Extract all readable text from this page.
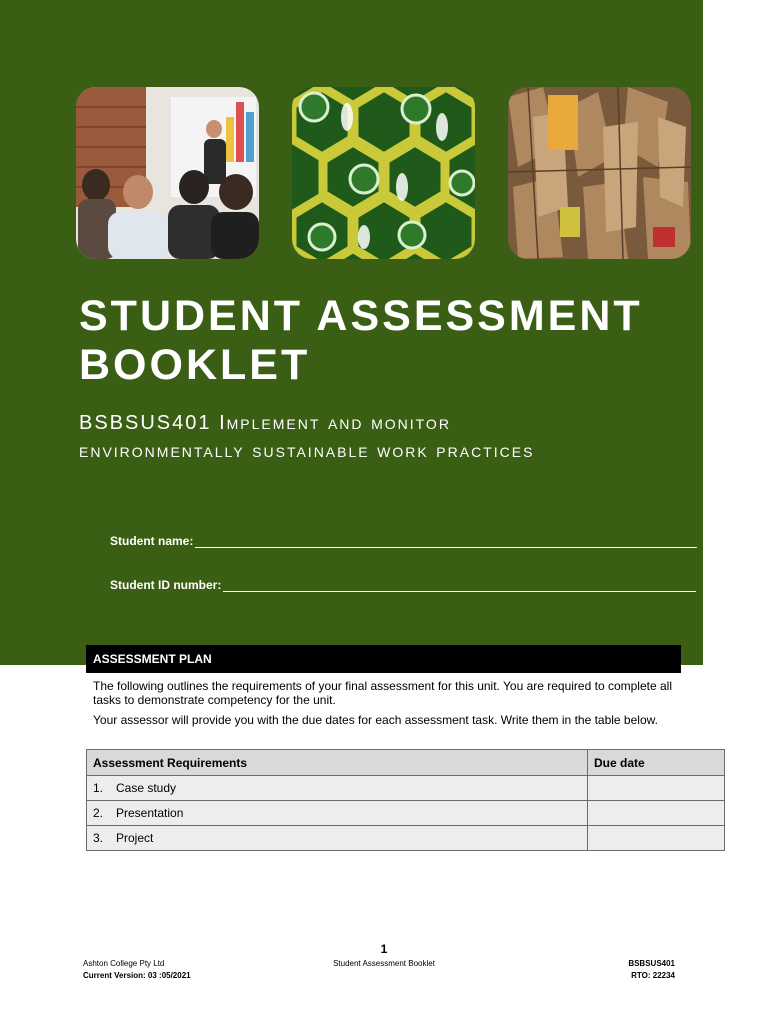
STUDENT ASSESSMENT BOOKLET

BSBSUS401 Implement and monitor environmentally sustainable work practices

Student name:
Student ID number:
ASSESSMENT PLAN

The following outlines the requirements of your final assessment for this unit. You are required to complete all tasks to demonstrate competency for the unit.

Your assessor will provide you with the due dates for each assessment task. Write them in the table below.

Assessment Requirements	Due date
1. Case study	
2. Presentation	
3. Project	
1
Ashton College Pty Ltd
Current Version: 03 :05/2021
Student Assessment Booklet	BSBSUS401
RTO: 22234
